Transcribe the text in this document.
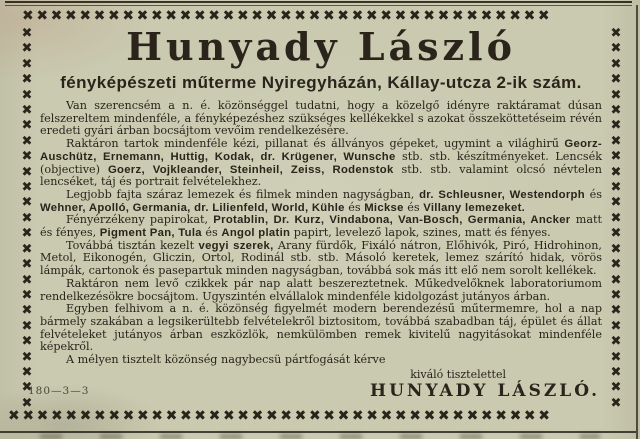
✖✖✖✖✖✖✖✖✖✖✖✖✖✖✖✖✖✖✖✖✖✖✖✖✖✖✖✖✖✖✖✖✖✖✖✖✖
✖✖✖✖✖✖✖✖✖✖✖✖✖✖✖✖✖✖✖✖✖✖✖✖✖✖✖✖✖✖✖✖✖✖✖✖✖✖
✖✖✖✖✖✖✖✖✖✖✖✖✖✖✖✖✖✖✖✖✖✖✖✖✖
✖✖✖✖✖✖✖✖✖✖✖✖✖✖✖✖✖✖✖✖✖✖✖✖✖
Hunyady László
fényképészeti műterme Nyiregyházán, Kállay-utcza 2-ik szám.

Van szerencsém a n. é. közönséggel tudatni, hogy a közelgő idényre raktáramat dúsan felszereltem mindenféle, a fényképezéshez szükséges kellékekkel s azokat összeköttetéseim révén eredeti gyári árban bocsájtom vevőim rendelkezésére.

Raktáron tartok mindenféle kézi, pillanat és állványos gépeket, ugymint a világhirű Georz-Auschütz, Ernemann, Huttig, Kodak, dr. Krügener, Wunsche stb. stb. készítményeket. Lencsék (objective) Goerz, Vojkleander, Steinheil, Zeiss, Rodenstok stb. stb. valamint olcsó névtelen lencséket, táj és portrait felvételekhez.

Legjobb fajta száraz lemezek és filmek minden nagyságban, dr. Schleusner, Westendorph és Wehner, Apolló, Germania, dr. Lilienfeld, World, Kühle és Mickse és Villany lemezeket.

Fényérzékeny papirokat, Protablin, Dr. Kurz, Vindabona, Van-Bosch, Germania, Ancker matt és fényes, Pigment Pan, Tula és Angol platin papirt, levelező lapok, szines, matt és fényes.

Továbbá tisztán kezelt vegyi szerek, Arany fürdők, Fixáló nátron, Előhivók, Piró, Hidrohinon, Metol, Eikonogén, Gliczin, Ortol, Rodinál stb. stb. Másoló keretek, lemez szárító hidak, vörös lámpák, cartonok és pasepartuk minden nagyságban, továbbá sok más itt elő nem sorolt kellékek.

Raktáron nem levő czikkek pár nap alatt beszereztetnek. Műkedvelőknek laboratoriumom rendelkezésökre bocsájtom. Ugyszintén elvállalok mindenféle kidolgozást jutányos árban.

Egyben felhivom a n. é. közönség figyelmét modern berendezésű műtermemre, hol a nap bármely szakában a legsikerültebb felvételekről biztositom, továbbá szabadban táj, épület és állat felvételeket jutányos árban eszközlök, nemkülömben remek kivitelű nagyitásokat mindenféle képekről.

A mélyen tisztelt közönség nagybecsü pártfogását kérve

kiváló tisztelettel

HUNYADY LÁSZLÓ.

180—3—3
